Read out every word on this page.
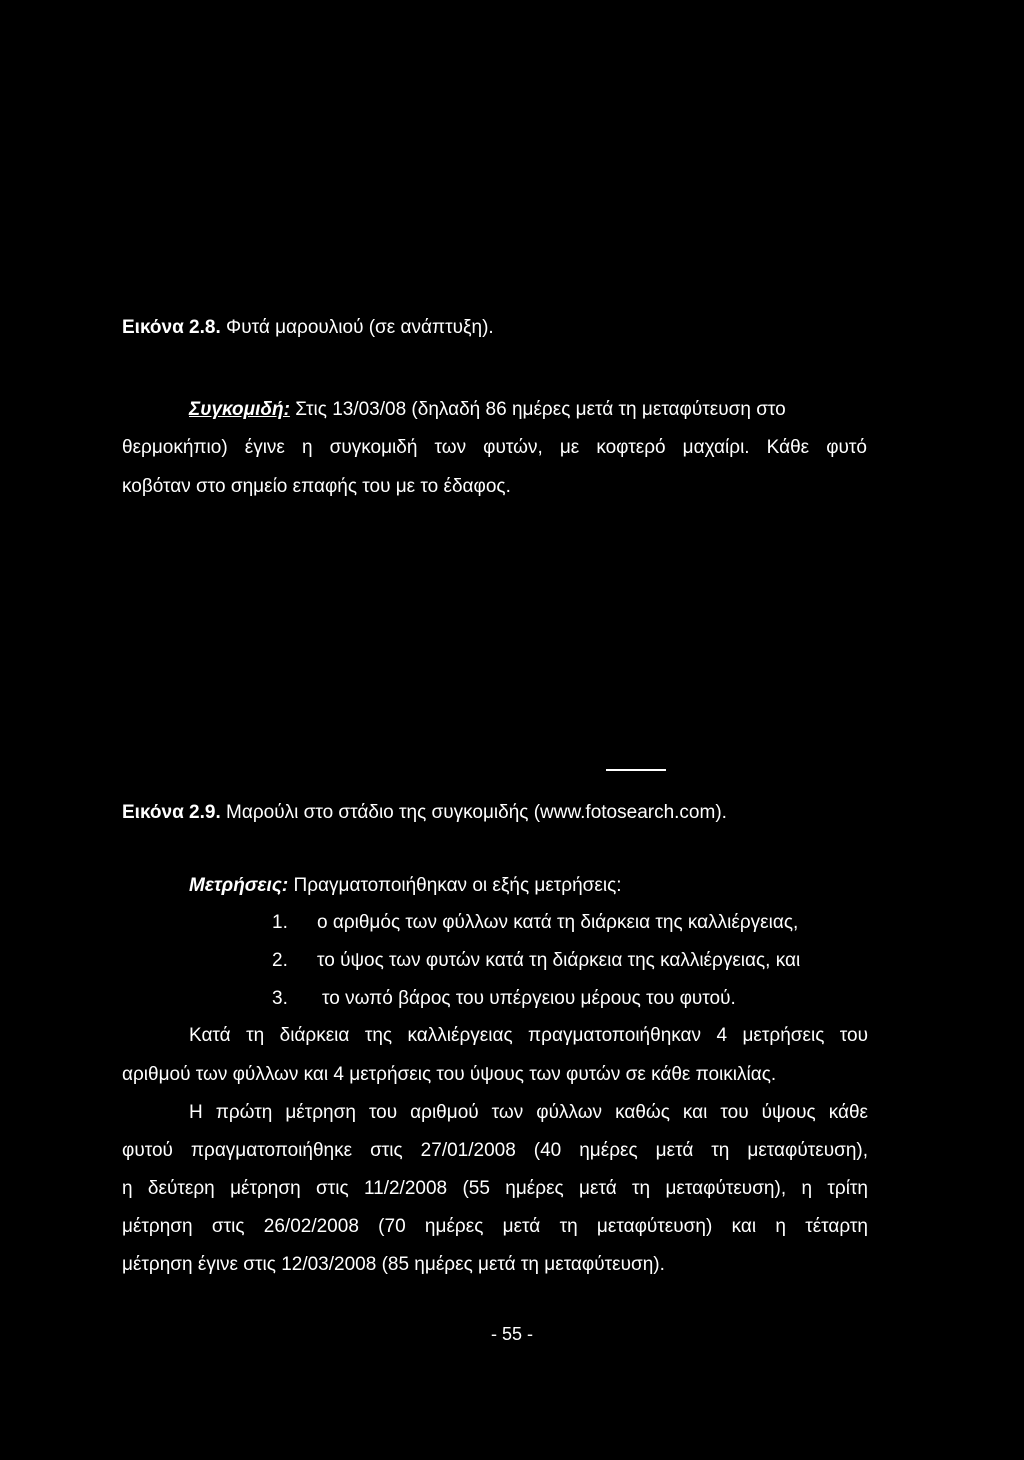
Εικόνα 2.8. Φυτά μαρουλιού (σε ανάπτυξη).
Συγκομιδή: Στις 13/03/08 (δηλαδή 86 ημέρες μετά τη μεταφύτευση στο
θερμοκήπιο) έγινε η συγκομιδή των φυτών, με κοφτερό μαχαίρι. Κάθε φυτό
κοβόταν στο σημείο επαφής του με το έδαφος.
Εικόνα 2.9. Μαρούλι στο στάδιο της συγκομιδής (www.fotosearch.com).
Μετρήσεις: Πραγματοποιήθηκαν οι εξής μετρήσεις:
1. ο αριθμός των φύλλων κατά τη διάρκεια της καλλιέργειας,
2. το ύψος των φυτών κατά τη διάρκεια της καλλιέργειας, και
3. το νωπό βάρος του υπέργειου μέρους του φυτού.
Κατά τη διάρκεια της καλλιέργειας πραγματοποιήθηκαν 4 μετρήσεις του
αριθμού των φύλλων και 4 μετρήσεις του ύψους των φυτών σε κάθε ποικιλίας.
Η πρώτη μέτρηση του αριθμού των φύλλων καθώς και του ύψους κάθε
φυτού πραγματοποιήθηκε στις 27/01/2008 (40 ημέρες μετά τη μεταφύτευση),
η δεύτερη μέτρηση στις 11/2/2008 (55 ημέρες μετά τη μεταφύτευση), η τρίτη
μέτρηση στις 26/02/2008 (70 ημέρες μετά τη μεταφύτευση) και η τέταρτη
μέτρηση έγινε στις 12/03/2008 (85 ημέρες μετά τη μεταφύτευση).
- 55 -
